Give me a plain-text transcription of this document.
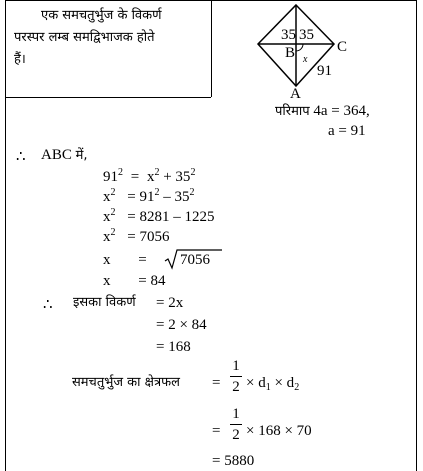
एक समचतुर्भुज के विकर्ण
परस्पर लम्ब समद्विभाजक होते
हैं।
35 35
B x
C
91
A
परिमाप 4a = 364,
a = 91
∴ ABC में,
$91^2 = x^2 + 35^2$
$x^2 = 91^2 - 35^2$
$x^2 = 8281 - 1225$
$x^2 = 7056$
x = 7056
x = 84
∴ इसका विकर्ण = 2x
= 2 × 84
= 168
समचतुर्भुज का क्षेत्रफल =
1
$2 \times d_1 \times d_2$
=
1
2 × 168 × 70
= 5880
